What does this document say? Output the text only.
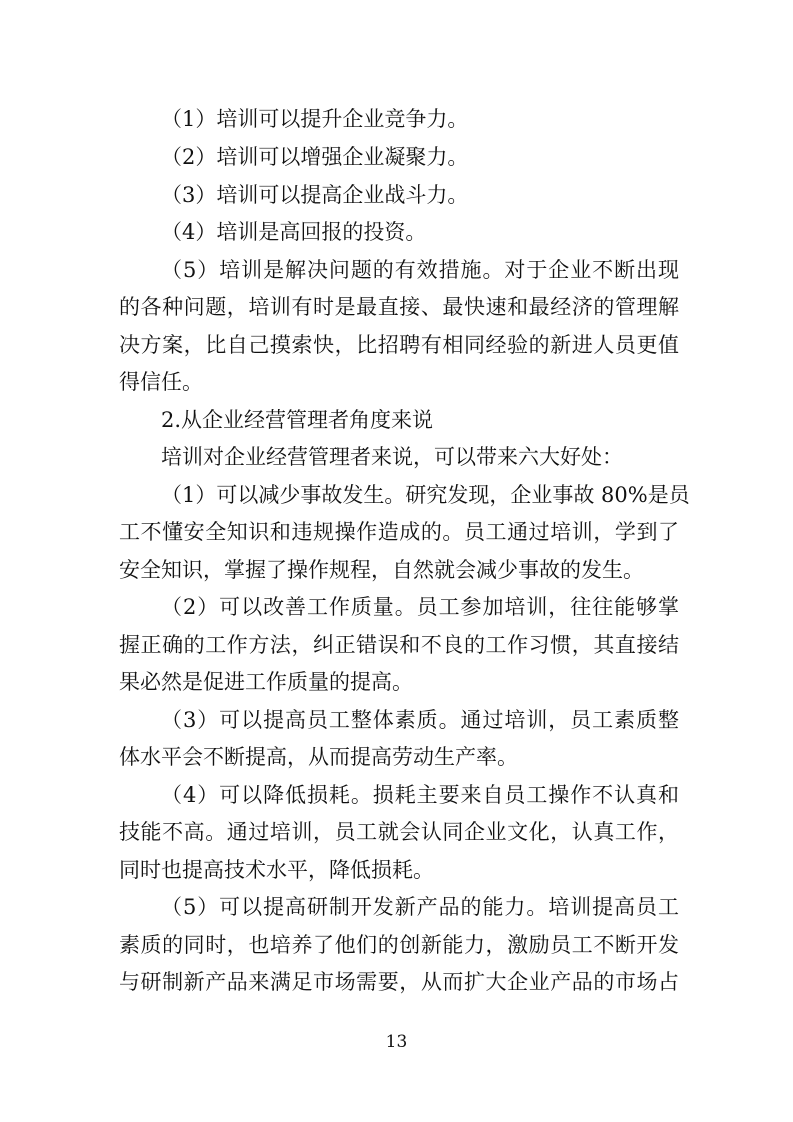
（1）培训可以提升企业竞争力。
（2）培训可以增强企业凝聚力。
（3）培训可以提高企业战斗力。
（4）培训是高回报的投资。
（5）培训是解决问题的有效措施。对于企业不断出现
的各种问题，培训有时是最直接、最快速和最经济的管理解
决方案，比自己摸索快，比招聘有相同经验的新进人员更值
得信任。
2.从企业经营管理者角度来说
培训对企业经营管理者来说，可以带来六大好处：
（1）可以减少事故发生。研究发现，企业事故 80%是员
工不懂安全知识和违规操作造成的。员工通过培训，学到了
安全知识，掌握了操作规程，自然就会减少事故的发生。
（2）可以改善工作质量。员工参加培训，往往能够掌
握正确的工作方法，纠正错误和不良的工作习惯，其直接结
果必然是促进工作质量的提高。
（3）可以提高员工整体素质。通过培训，员工素质整
体水平会不断提高，从而提高劳动生产率。
（4）可以降低损耗。损耗主要来自员工操作不认真和
技能不高。通过培训，员工就会认同企业文化，认真工作，
同时也提高技术水平，降低损耗。
（5）可以提高研制开发新产品的能力。培训提高员工
素质的同时，也培养了他们的创新能力，激励员工不断开发
与研制新产品来满足市场需要，从而扩大企业产品的市场占
13
